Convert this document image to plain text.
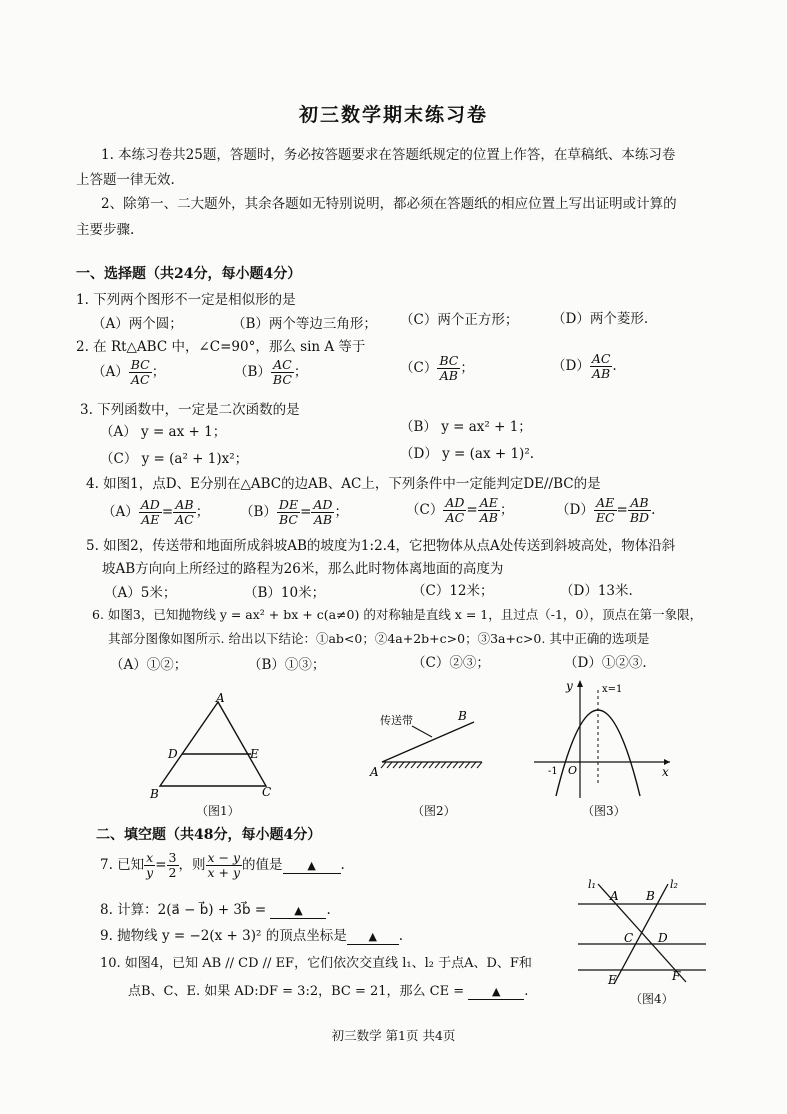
初三数学期末练习卷
1. 本练习卷共25题，答题时，务必按答题要求在答题纸规定的位置上作答，在草稿纸、本练习卷
上答题一律无效.
2、除第一、二大题外，其余各题如无特别说明，都必须在答题纸的相应位置上写出证明或计算的
主要步骤.
一、选择题（共24分，每小题4分）
1. 下列两个图形不一定是相似形的是
（A）两个圆；	（B）两个等边三角形； （C）两个正方形； （D）两个菱形.
2. 在 Rt△ABC 中，∠C=90°，那么 sin A 等于
$(A) \frac{BC}{AC}$ ；	$(B) \frac{AC}{BC}$ ；	$(C) \frac{BC}{AB}$ ；	$(D) \frac{AC}{AB}$ .
3. 下列函数中，一定是二次函数的是
（A） y = ax + 1；	（B） y = ax² + 1；
（C） y = (a² + 1)x²；	（D） y = (ax + 1)².
4. 如图1，点D、E分别在△ABC的边AB、AC上，下列条件中一定能判定DE//BC的是
$(A) \frac{AD}{AE} = \frac{AB}{AC}$ ； $(B) \frac{DE}{BC} = \frac{AD}{AB}$ ；	$(C) \frac{AD}{AC} = \frac{AE}{AB}$ ；	$(D) \frac{AE}{EC} = \frac{AB}{BD}$ .
5. 如图2，传送带和地面所成斜坡AB的坡度为1:2.4，它把物体从点A处传送到斜坡高处，物体沿斜
坡AB方向向上所经过的路程为26米，那么此时物体离地面的高度为
（A）5米；	（B）10米；	（C）12米；	（D）13米.
6. 如图3，已知抛物线 y = ax² + bx + c(a≠0) 的对称轴是直线 x = 1，且过点（-1，0），顶点在第一象限，
其部分图像如图所示. 给出以下结论：①ab<0；②4a+2b+c>0；③3a+c>0. 其中正确的选项是
（A）①②；	（B）①③；	（C）②③；	（D）①②③.
A
B	C
D	E
（图1）
传送带
A
B
（图2）
y
x
x=1
O
-1
（图3）
二、填空题（共48分，每小题4分）
7. 已知 $\frac{x}{y} = \frac{3}{2}$ ，则 $\frac{x - y}{x + y}$ 的值是 ▲ .
8. 计算：2(a⃗ − b⃗) + 3b⃗ =	▲ .
9. 抛物线 y = −2(x + 3)² 的顶点坐标是 ▲ .
10. 如图4，已知 AB // CD // EF，它们依次交直线 l₁、l₂ 于点A、D、F和
点B、C、E. 如果 AD:DF = 3:2，BC = 21，那么 CE =	▲ .
l₁	l₂
A B
C D
E	F
（图4）
初三数学 第1页 共4页
